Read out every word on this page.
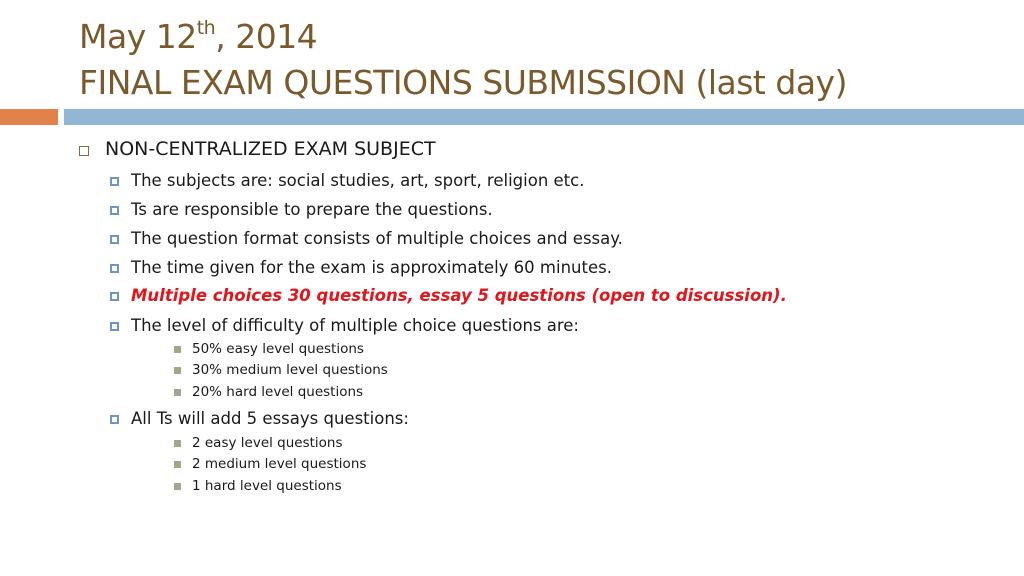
May 12th, 2014
FINAL EXAM QUESTIONS SUBMISSION (last day)
NON-CENTRALIZED EXAM SUBJECT
The subjects are: social studies, art, sport, religion etc.
Ts are responsible to prepare the questions.
The question format consists of multiple choices and essay.
The time given for the exam is approximately 60 minutes.
Multiple choices 30 questions, essay 5 questions (open to discussion).
The level of difficulty of multiple choice questions are:
50% easy level questions
30% medium level questions
20% hard level questions
All Ts will add 5 essays questions:
2 easy level questions
2 medium level questions
1 hard level questions
